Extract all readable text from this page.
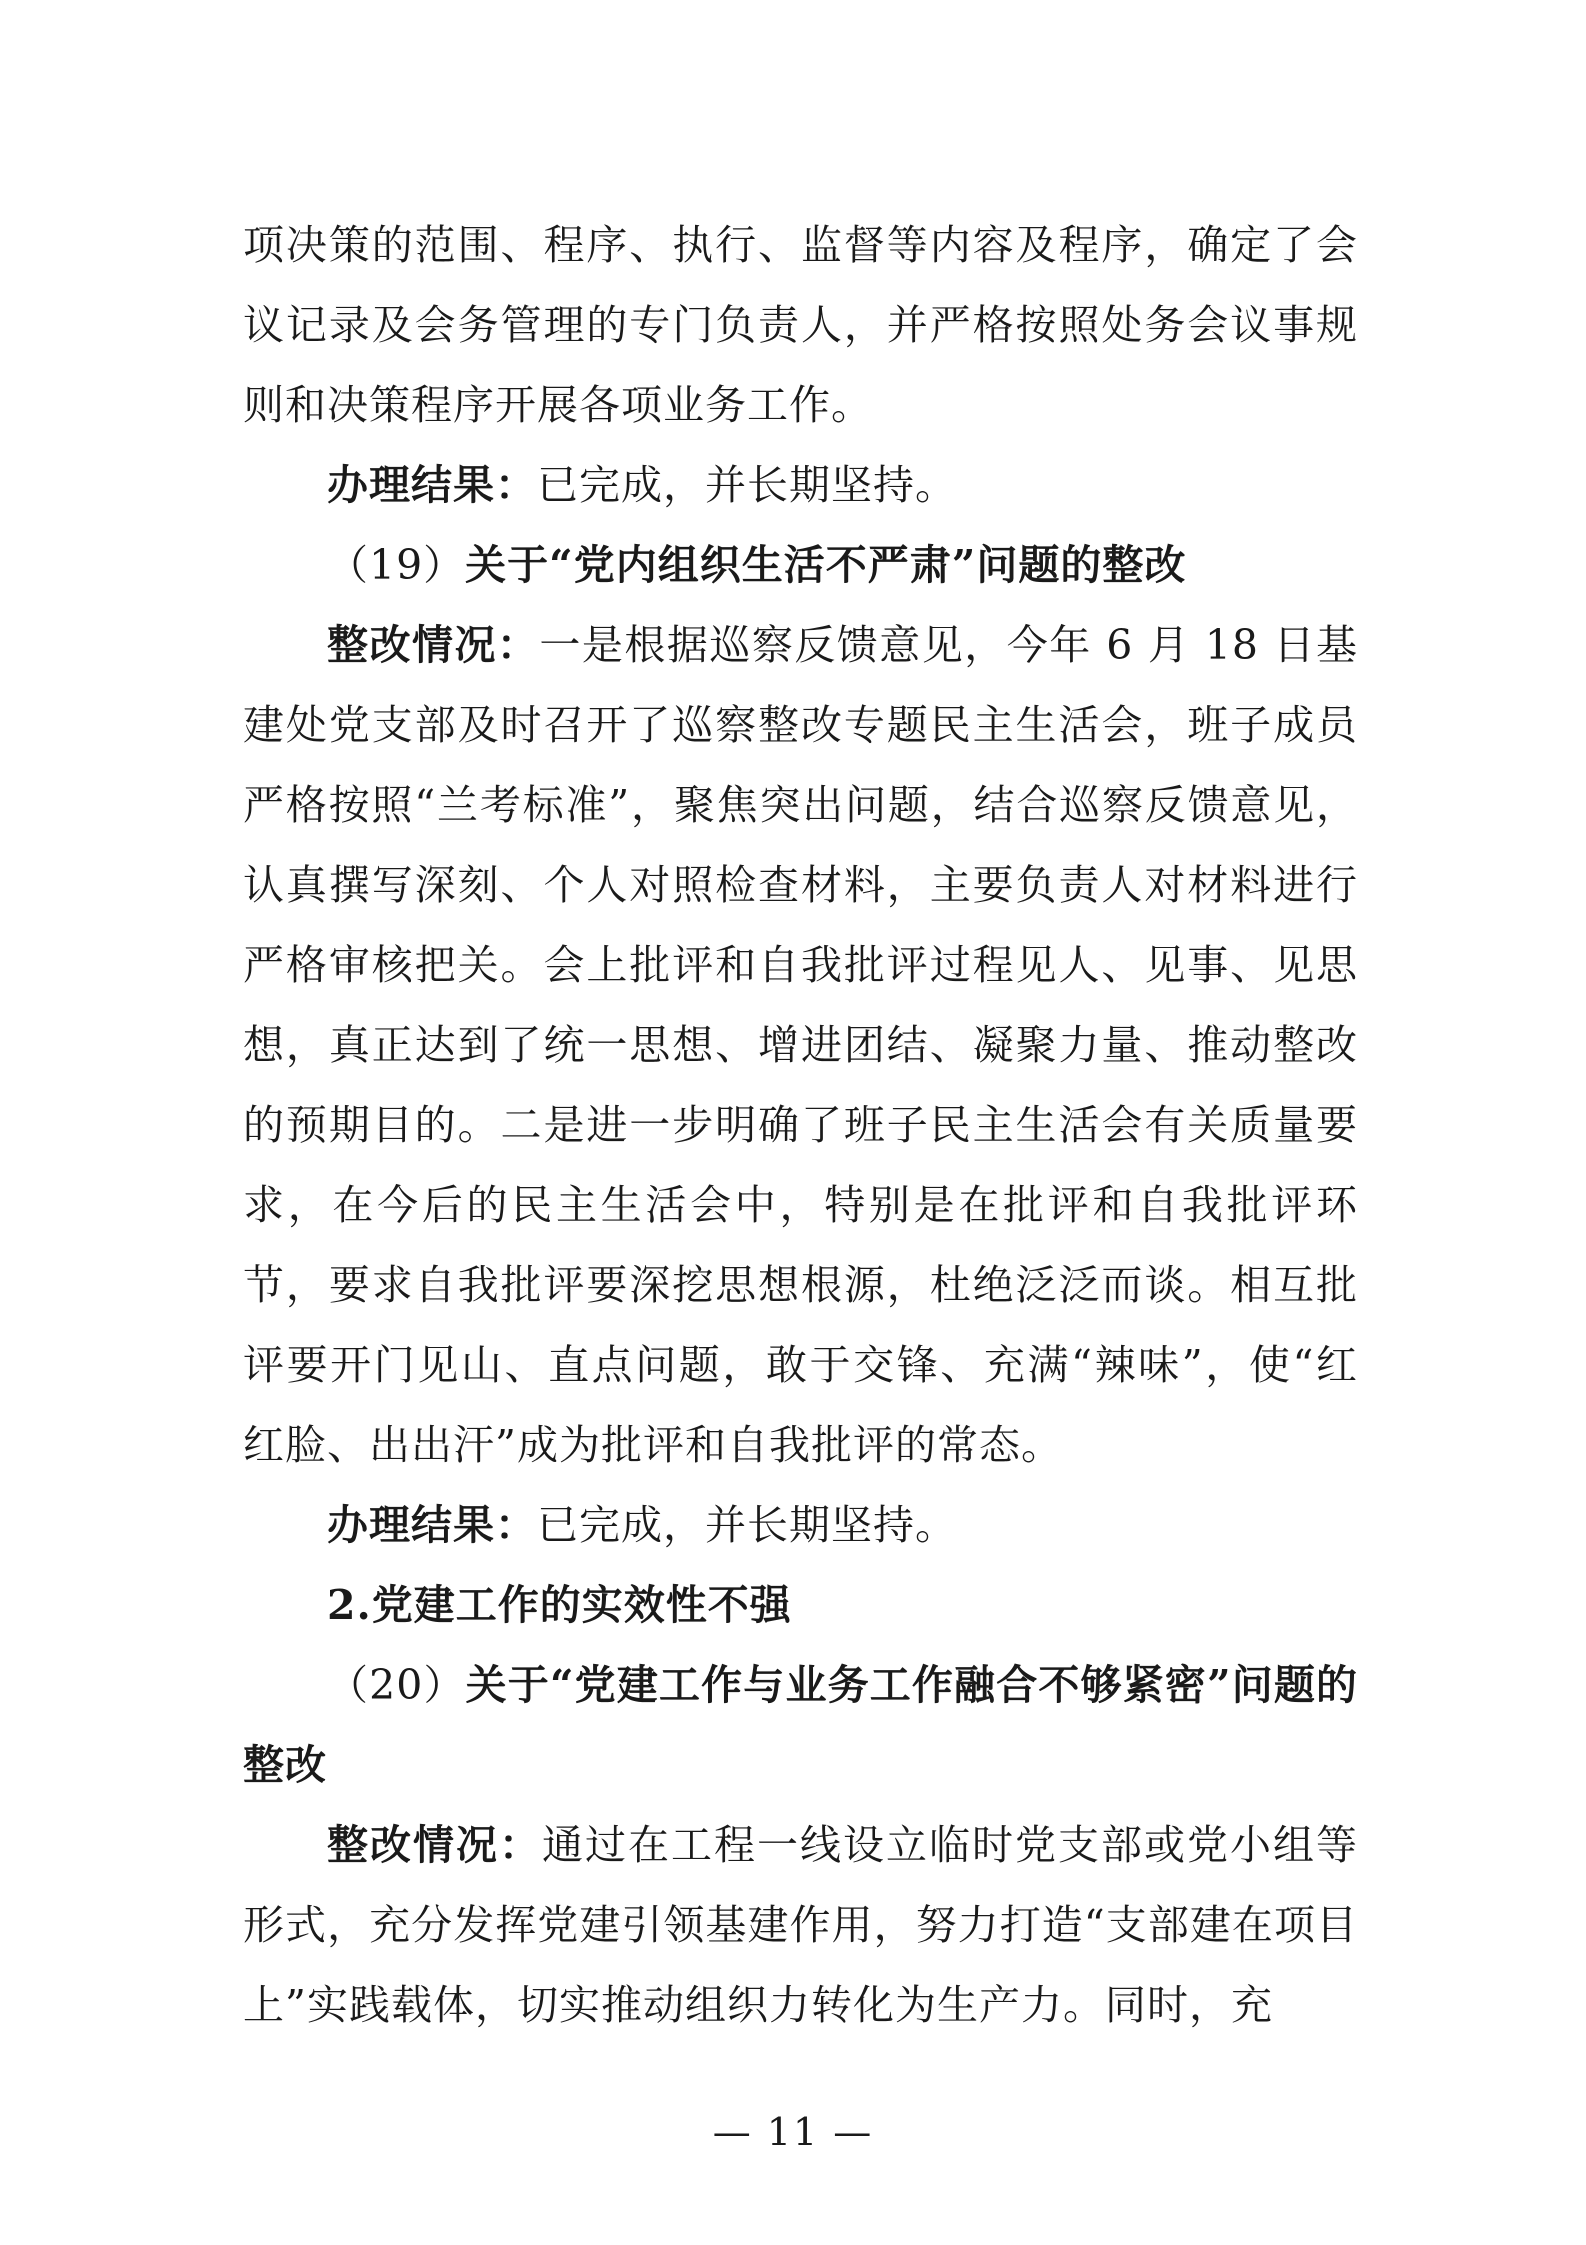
项决策的范围、程序、执行、监督等内容及程序，确定了会议记录及会务管理的专门负责人，并严格按照处务会议事规则和决策程序开展各项业务工作。

办理结果：已完成，并长期坚持。

（19）关于“党内组织生活不严肃”问题的整改

整改情况：一是根据巡察反馈意见，今年 6 月 18 日基建处党支部及时召开了巡察整改专题民主生活会，班子成员严格按照“兰考标准”，聚焦突出问题，结合巡察反馈意见，认真撰写深刻、个人对照检查材料，主要负责人对材料进行严格审核把关。会上批评和自我批评过程见人、见事、见思想，真正达到了统一思想、增进团结、凝聚力量、推动整改的预期目的。二是进一步明确了班子民主生活会有关质量要求，在今后的民主生活会中，特别是在批评和自我批评环节，要求自我批评要深挖思想根源，杜绝泛泛而谈。相互批评要开门见山、直点问题，敢于交锋、充满“辣味”，使“红红脸、出出汗”成为批评和自我批评的常态。

办理结果：已完成，并长期坚持。

2.党建工作的实效性不强

（20）关于“党建工作与业务工作融合不够紧密”问题的整改

整改情况：通过在工程一线设立临时党支部或党小组等形式，充分发挥党建引领基建作用，努力打造“支部建在项目上”实践载体，切实推动组织力转化为生产力。同时，充

— 11 —
